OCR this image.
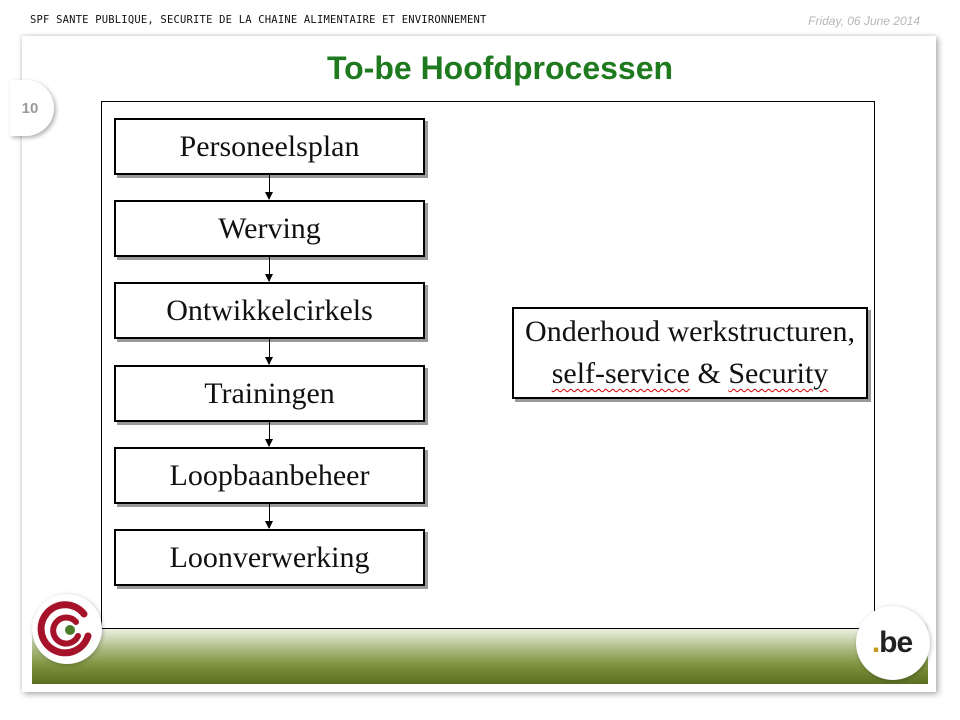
SPF SANTE PUBLIQUE, SECURITE DE LA CHAINE ALIMENTAIRE ET ENVIRONNEMENT	Friday, 06 June 2014
10
To-be Hoofdprocessen
Personeelsplan
Werving
Ontwikkelcirkels
Trainingen
Loopbaanbeheer
Loonverwerking
Onderhoud werkstructuren,
self-service & Security
.be
